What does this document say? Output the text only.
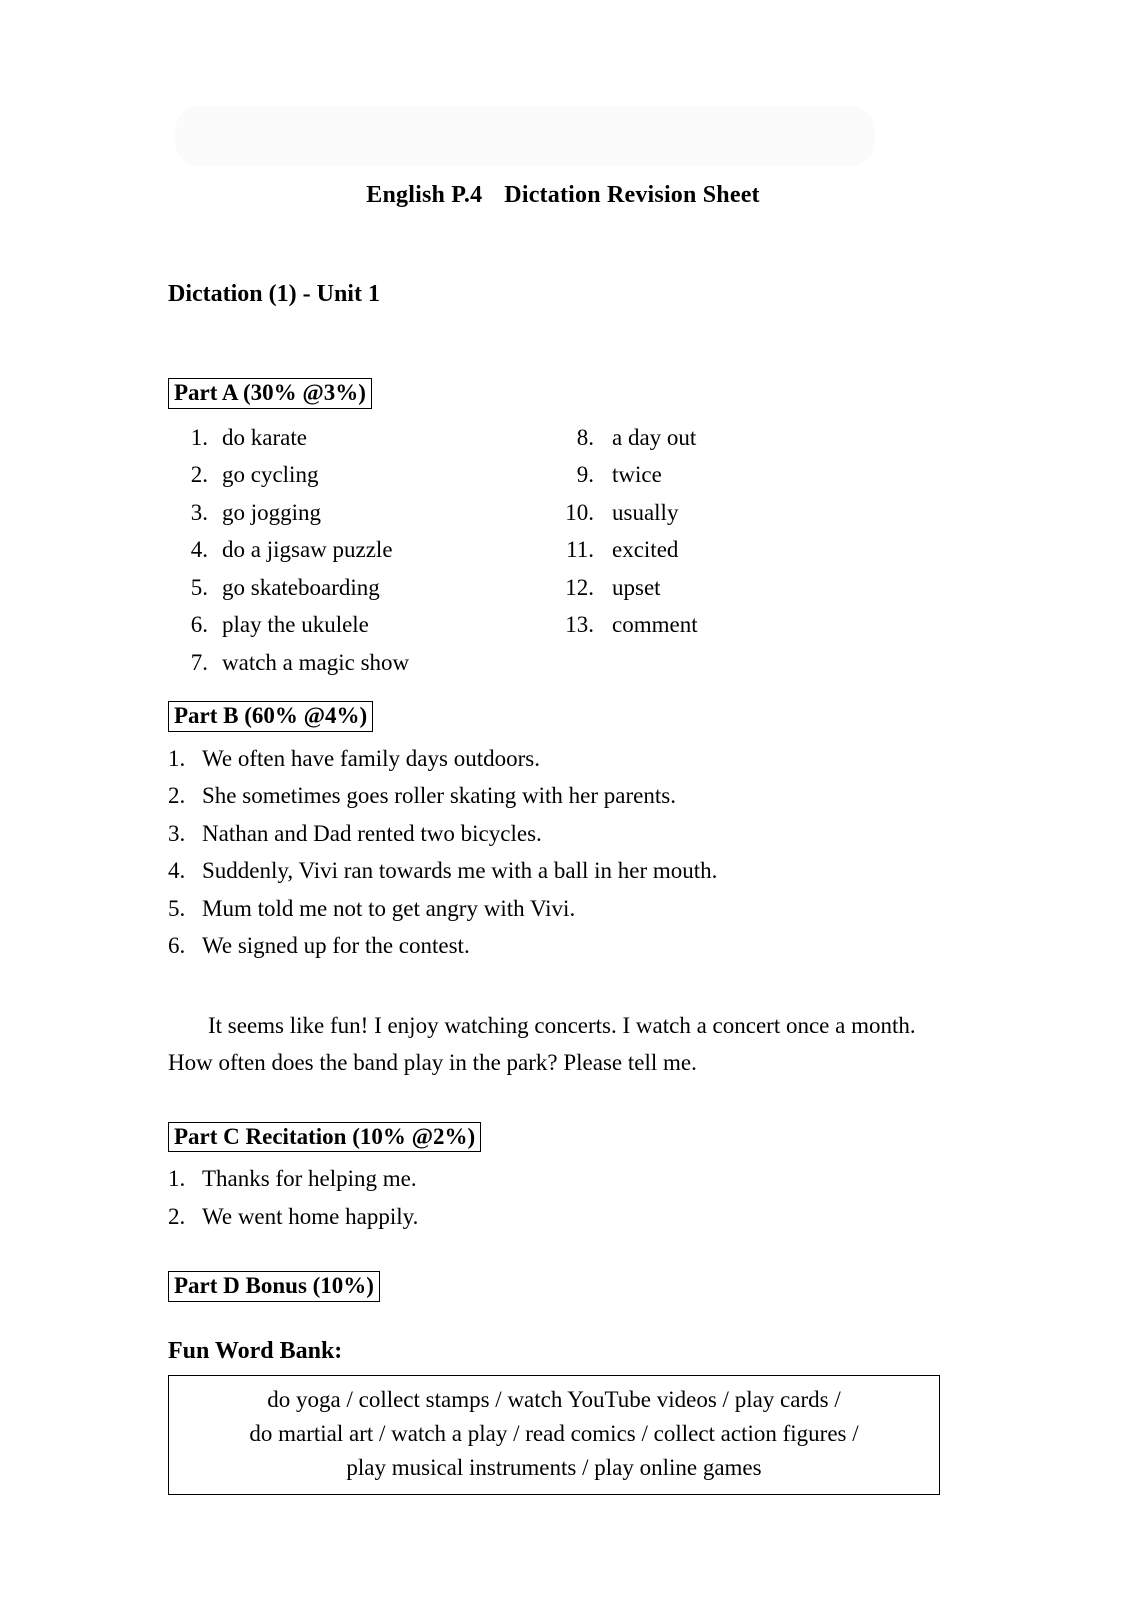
English P.4 Dictation Revision Sheet
Dictation (1) - Unit 1
Part A (30% @3%)
1. do karate
2. go cycling
3. go jogging
4. do a jigsaw puzzle
5. go skateboarding
6. play the ukulele
7. watch a magic show
8. a day out
9. twice
10. usually
11. excited
12. upset
13. comment
Part B (60% @4%)
1. We often have family days outdoors.
2. She sometimes goes roller skating with her parents.
3. Nathan and Dad rented two bicycles.
4. Suddenly, Vivi ran towards me with a ball in her mouth.
5. Mum told me not to get angry with Vivi.
6. We signed up for the contest.
It seems like fun! I enjoy watching concerts. I watch a concert once a month. How often does the band play in the park? Please tell me.
Part C Recitation (10% @2%)
1. Thanks for helping me.
2. We went home happily.
Part D Bonus (10%)
Fun Word Bank:
do yoga / collect stamps / watch YouTube videos / play cards /
do martial art / watch a play / read comics / collect action figures /
play musical instruments / play online games
